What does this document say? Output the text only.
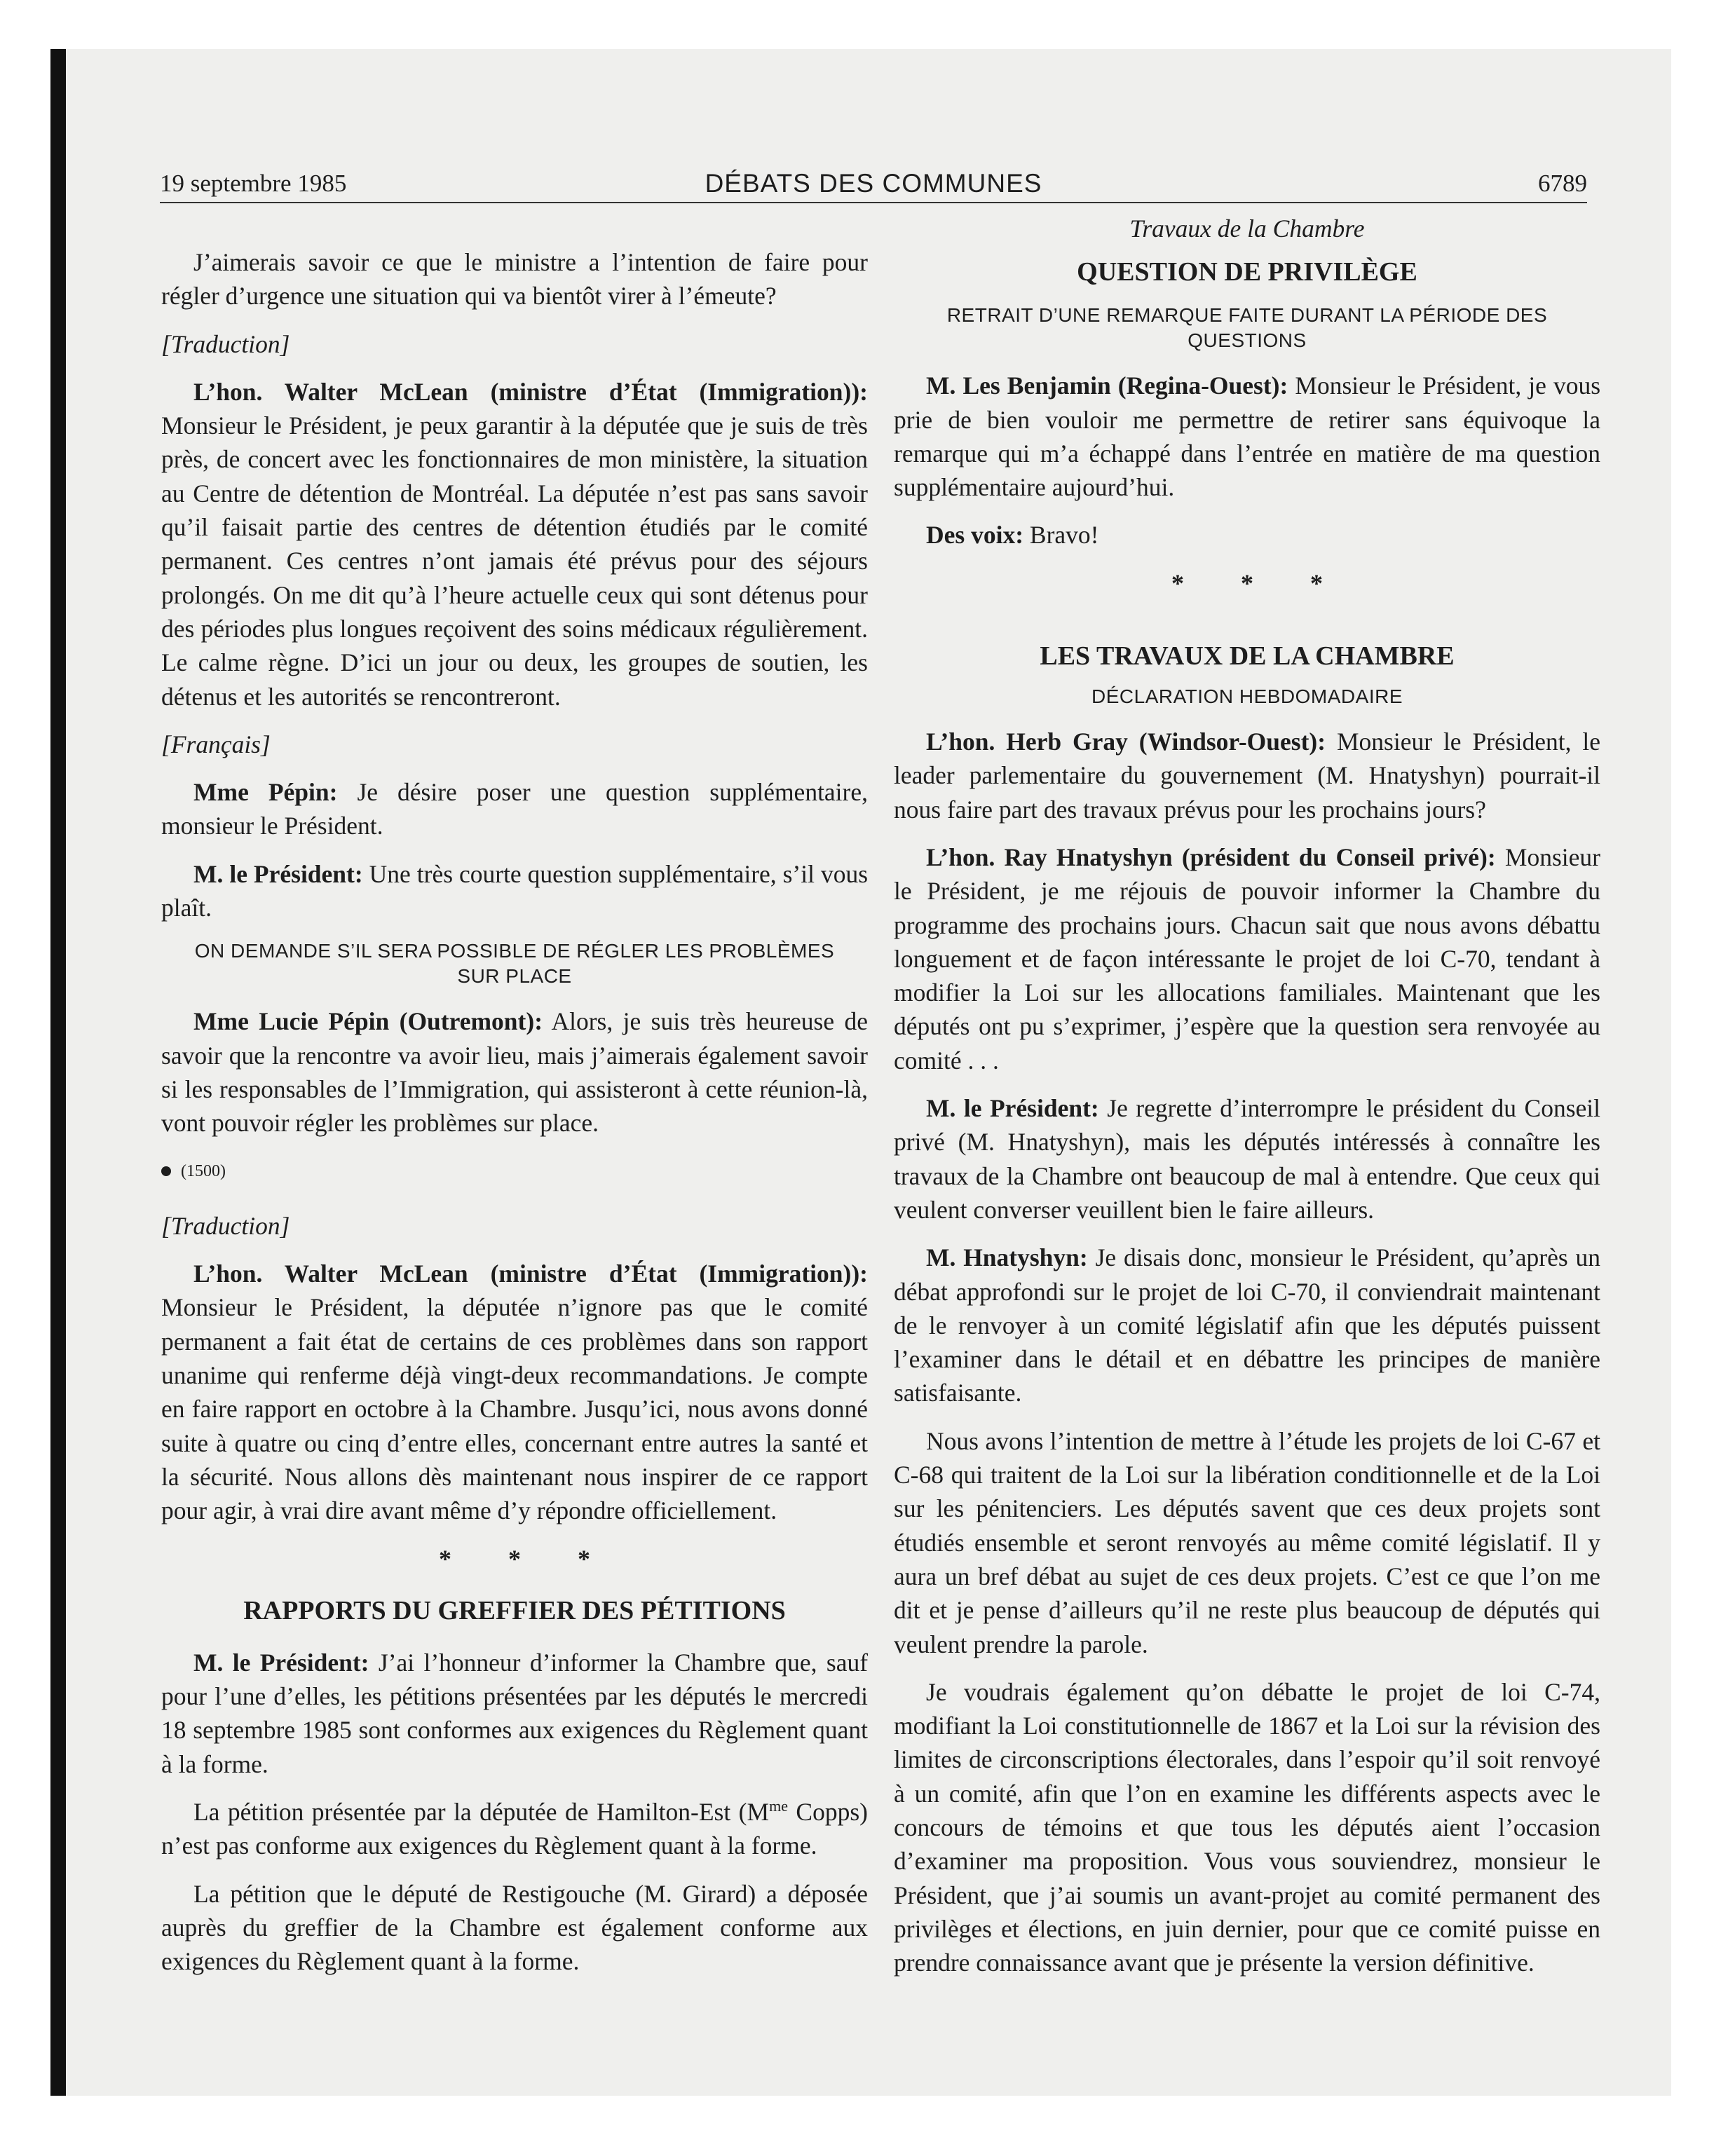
19 septembre 1985	DÉBATS DES COMMUNES	6789

J’aimerais savoir ce que le ministre a l’intention de faire pour régler d’urgence une situation qui va bientôt virer à l’émeute?

[Traduction]

L’hon. Walter McLean (ministre d’État (Immigration)): Monsieur le Président, je peux garantir à la députée que je suis de très près, de concert avec les fonctionnaires de mon ministère, la situation au Centre de détention de Montréal. La députée n’est pas sans savoir qu’il faisait partie des centres de détention étudiés par le comité permanent. Ces centres n’ont jamais été prévus pour des séjours prolongés. On me dit qu’à l’heure actuelle ceux qui sont détenus pour des périodes plus longues reçoivent des soins médicaux régulièrement. Le calme règne. D’ici un jour ou deux, les groupes de soutien, les détenus et les autorités se rencontreront.

[Français]

Mme Pépin: Je désire poser une question supplémentaire, monsieur le Président.

M. le Président: Une très courte question supplémentaire, s’il vous plaît.

ON DEMANDE S’IL SERA POSSIBLE DE RÉGLER LES PROBLÈMES SUR PLACE

Mme Lucie Pépin (Outremont): Alors, je suis très heureuse de savoir que la rencontre va avoir lieu, mais j’aimerais également savoir si les responsables de l’Immigration, qui assisteront à cette réunion-là, vont pouvoir régler les problèmes sur place.

(1500)

[Traduction]

L’hon. Walter McLean (ministre d’État (Immigration)): Monsieur le Président, la députée n’ignore pas que le comité permanent a fait état de certains de ces problèmes dans son rapport unanime qui renferme déjà vingt-deux recommandations. Je compte en faire rapport en octobre à la Chambre. Jusqu’ici, nous avons donné suite à quatre ou cinq d’entre elles, concernant entre autres la santé et la sécurité. Nous allons dès maintenant nous inspirer de ce rapport pour agir, à vrai dire avant même d’y répondre officiellement.

* * *
RAPPORTS DU GREFFIER DES PÉTITIONS

M. le Président: J’ai l’honneur d’informer la Chambre que, sauf pour l’une d’elles, les pétitions présentées par les députés le mercredi 18 septembre 1985 sont conformes aux exigences du Règlement quant à la forme.

La pétition présentée par la députée de Hamilton-Est ($M^{me}$ Copps) n’est pas conforme aux exigences du Règlement quant à la forme.

La pétition que le député de Restigouche (M. Girard) a déposée auprès du greffier de la Chambre est également conforme aux exigences du Règlement quant à la forme.

Travaux de la Chambre
QUESTION DE PRIVILÈGE
RETRAIT D’UNE REMARQUE FAITE DURANT LA PÉRIODE DES QUESTIONS

M. Les Benjamin (Regina-Ouest): Monsieur le Président, je vous prie de bien vouloir me permettre de retirer sans équivoque la remarque qui m’a échappé dans l’entrée en matière de ma question supplémentaire aujourd’hui.

Des voix: Bravo!

* * *
LES TRAVAUX DE LA CHAMBRE
DÉCLARATION HEBDOMADAIRE

L’hon. Herb Gray (Windsor-Ouest): Monsieur le Président, le leader parlementaire du gouvernement (M. Hnatyshyn) pourrait-il nous faire part des travaux prévus pour les prochains jours?

L’hon. Ray Hnatyshyn (président du Conseil privé): Monsieur le Président, je me réjouis de pouvoir informer la Chambre du programme des prochains jours. Chacun sait que nous avons débattu longuement et de façon intéressante le projet de loi C-70, tendant à modifier la Loi sur les allocations familiales. Maintenant que les députés ont pu s’exprimer, j’espère que la question sera renvoyée au comité . . .

M. le Président: Je regrette d’interrompre le président du Conseil privé (M. Hnatyshyn), mais les députés intéressés à connaître les travaux de la Chambre ont beaucoup de mal à entendre. Que ceux qui veulent converser veuillent bien le faire ailleurs.

M. Hnatyshyn: Je disais donc, monsieur le Président, qu’après un débat approfondi sur le projet de loi C-70, il conviendrait maintenant de le renvoyer à un comité législatif afin que les députés puissent l’examiner dans le détail et en débattre les principes de manière satisfaisante.

Nous avons l’intention de mettre à l’étude les projets de loi C-67 et C-68 qui traitent de la Loi sur la libération conditionnelle et de la Loi sur les pénitenciers. Les députés savent que ces deux projets sont étudiés ensemble et seront renvoyés au même comité législatif. Il y aura un bref débat au sujet de ces deux projets. C’est ce que l’on me dit et je pense d’ailleurs qu’il ne reste plus beaucoup de députés qui veulent prendre la parole.

Je voudrais également qu’on débatte le projet de loi C-74, modifiant la Loi constitutionnelle de 1867 et la Loi sur la révision des limites de circonscriptions électorales, dans l’espoir qu’il soit renvoyé à un comité, afin que l’on en examine les différents aspects avec le concours de témoins et que tous les députés aient l’occasion d’examiner ma proposition. Vous vous souviendrez, monsieur le Président, que j’ai soumis un avant-projet au comité permanent des privilèges et élections, en juin dernier, pour que ce comité puisse en prendre connaissance avant que je présente la version définitive.
